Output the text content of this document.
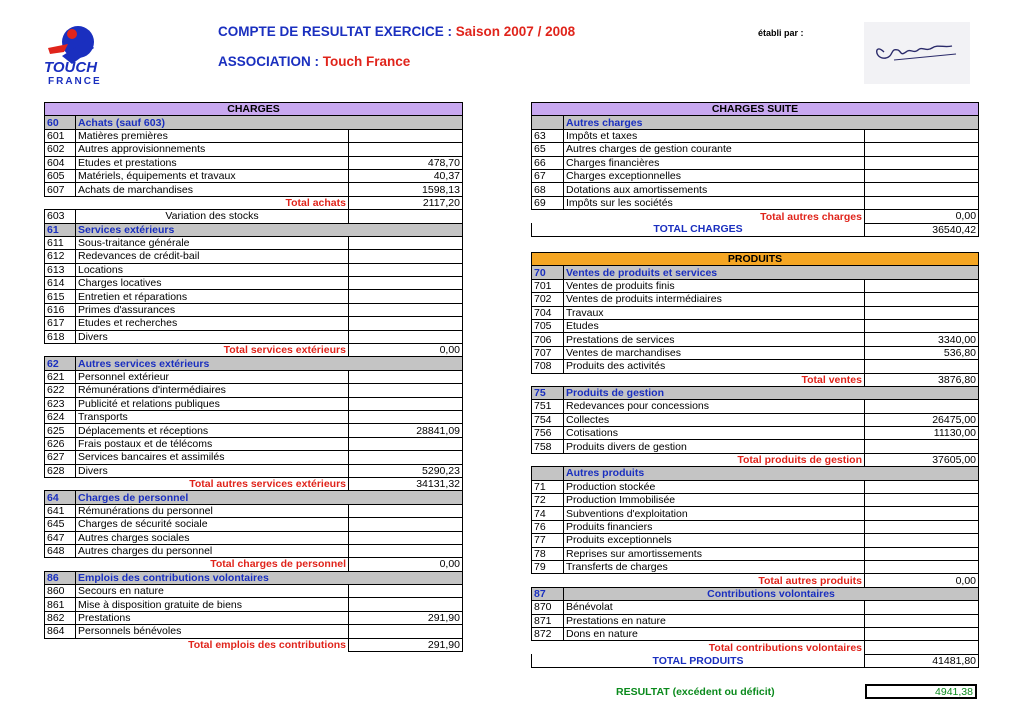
TOUCH
FRANCE
COMPTE DE RESULTAT EXERCICE : Saison 2007 / 2008
ASSOCIATION : Touch France
établi par :
CHARGES		
60	Achats (sauf 603)	
601	Matières premières	
602	Autres approvisionnements	
604	Etudes et prestations	478,70
605	Matériels, équipements et travaux	40,37
607	Achats de marchandises	1598,13
Total achats		2117,20
603	Variation des stocks	
61	Services extérieurs	
611	Sous-traitance générale	
612	Redevances de crédit-bail	
613	Locations	
614	Charges locatives	
615	Entretien et réparations	
616	Primes d'assurances	
617	Etudes et recherches	
618	Divers	
Total services extérieurs		0,00
62	Autres services extérieurs	
621	Personnel extérieur	
622	Rémunérations d'intermédiaires	
623	Publicité et relations publiques	
624	Transports	
625	Déplacements et réceptions	28841,09
626	Frais postaux et de télécoms	
627	Services bancaires et assimilés	
628	Divers	5290,23
Total autres services extérieurs		34131,32
64	Charges de personnel	
641	Rémunérations du personnel	
645	Charges de sécurité sociale	
647	Autres charges sociales	
648	Autres charges du personnel	
Total charges de personnel		0,00
86	Emplois des contributions volontaires	
860	Secours en nature	
861	Mise à disposition gratuite de biens	
862	Prestations	291,90
864	Personnels bénévoles	
Total emplois des contributions		291,90
CHARGES SUITE		
	Autres charges	
63	Impôts et taxes	
65	Autres charges de gestion courante	
66	Charges financières	
67	Charges exceptionnelles	
68	Dotations aux amortissements	
69	Impôts sur les sociétés	
Total autres charges		0,00
TOTAL CHARGES		36540,42
PRODUITS		
70	Ventes de produits et services	
701	Ventes de produits finis	
702	Ventes de produits intermédiaires	
704	Travaux	
705	Etudes	
706	Prestations de services	3340,00
707	Ventes de marchandises	536,80
708	Produits des activités	
Total ventes		3876,80
75	Produits de gestion	
751	Redevances pour concessions	
754	Collectes	26475,00
756	Cotisations	11130,00
758	Produits divers de gestion	
Total produits de gestion		37605,00
	Autres produits	
71	Production stockée	
72	Production Immobilisée	
74	Subventions d'exploitation	
76	Produits financiers	
77	Produits exceptionnels	
78	Reprises sur amortissements	
79	Transferts de charges	
Total autres produits		0,00
87	Contributions volontaires	
870	Bénévolat	
871	Prestations en nature	
872	Dons en nature	
Total contributions volontaires		
TOTAL PRODUITS		41481,80
RESULTAT (excédent ou déficit)	4941,38
